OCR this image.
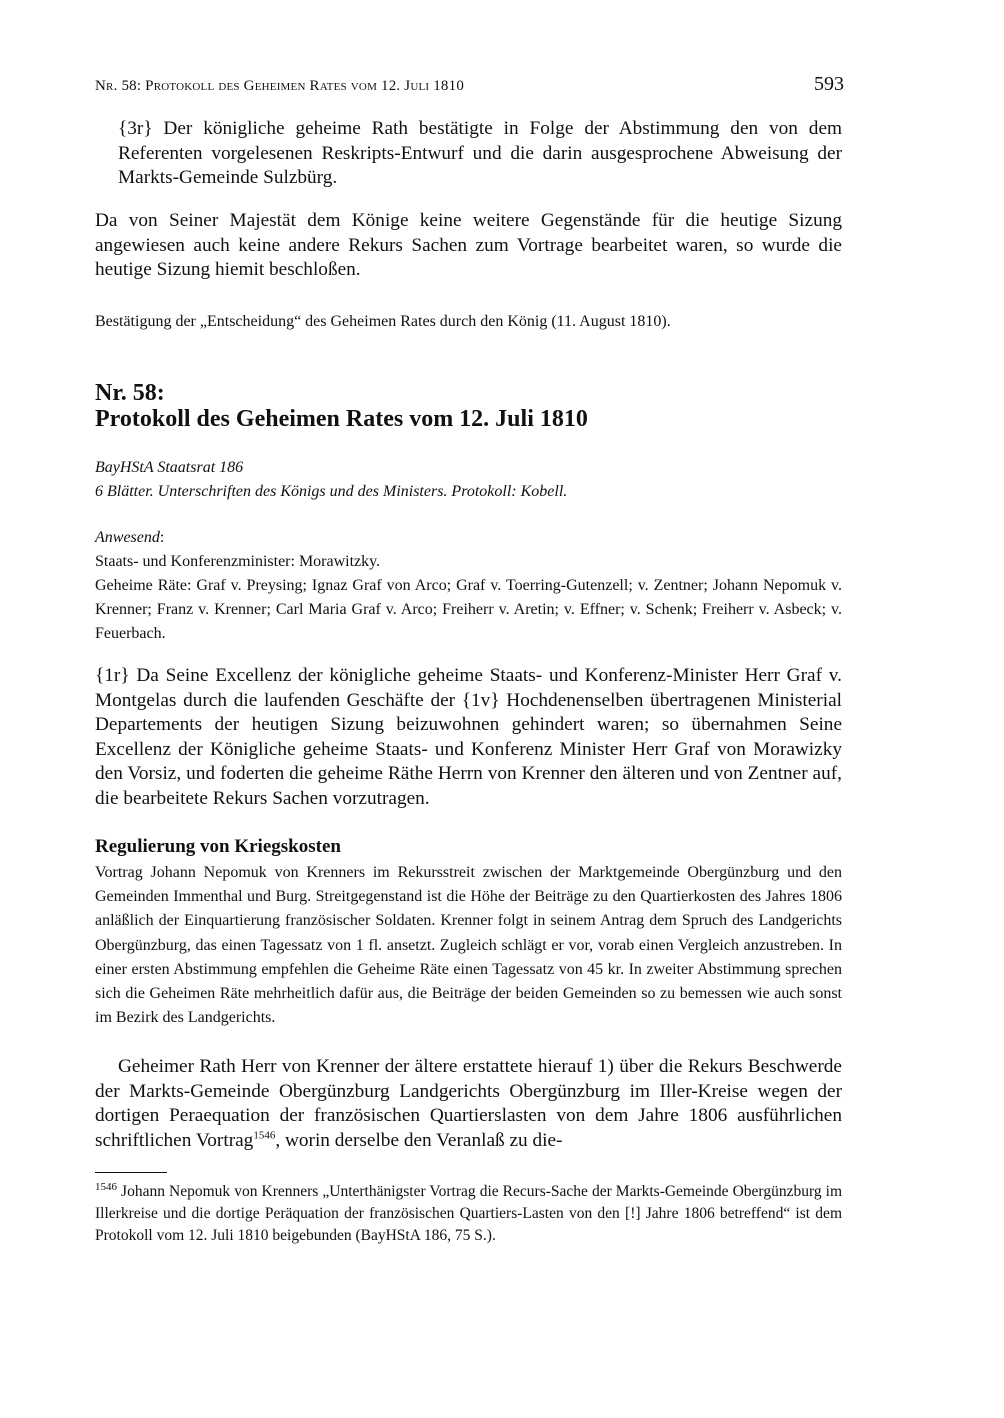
Nr. 58: Protokoll des Geheimen Rates vom 12. Juli 1810	593
{3r} Der königliche geheime Rath bestätigte in Folge der Abstimmung den von dem Referenten vorgelesenen Reskripts-Entwurf und die darin ausgesprochene Abweisung der Markts-Gemeinde Sulzbürg.
Da von Seiner Majestät dem Könige keine weitere Gegenstände für die heutige Sizung angewiesen auch keine andere Rekurs Sachen zum Vortrage bearbeitet waren, so wurde die heutige Sizung hiemit beschloßen.
Bestätigung der „Entscheidung“ des Geheimen Rates durch den König (11. August 1810).
Nr. 58:
Protokoll des Geheimen Rates vom 12. Juli 1810
BayHStA Staatsrat 186
6 Blätter. Unterschriften des Königs und des Ministers. Protokoll: Kobell.
Anwesend:
Staats- und Konferenzminister: Morawitzky.
Geheime Räte: Graf v. Preysing; Ignaz Graf von Arco; Graf v. Toerring-Gutenzell; v. Zentner; Johann Nepomuk v. Krenner; Franz v. Krenner; Carl Maria Graf v. Arco; Freiherr v. Aretin; v. Effner; v. Schenk; Freiherr v. Asbeck; v. Feuerbach.
{1r} Da Seine Excellenz der königliche geheime Staats- und Konferenz-Minister Herr Graf v. Montgelas durch die laufenden Geschäfte der {1v} Hochdenenselben übertragenen Ministerial Departements der heutigen Sizung beizuwohnen gehindert waren; so übernahmen Seine Excellenz der Königliche geheime Staats- und Konferenz Minister Herr Graf von Morawizky den Vorsiz, und foderten die geheime Räthe Herrn von Krenner den älteren und von Zentner auf, die bearbeitete Rekurs Sachen vorzutragen.
Regulierung von Kriegskosten
Vortrag Johann Nepomuk von Krenners im Rekursstreit zwischen der Marktgemeinde Obergünzburg und den Gemeinden Immenthal und Burg. Streitgegenstand ist die Höhe der Beiträge zu den Quartierkosten des Jahres 1806 anläßlich der Einquartierung französischer Soldaten. Krenner folgt in seinem Antrag dem Spruch des Landgerichts Obergünzburg, das einen Tagessatz von 1 fl. ansetzt. Zugleich schlägt er vor, vorab einen Vergleich anzustreben. In einer ersten Abstimmung empfehlen die Geheime Räte einen Tagessatz von 45 kr. In zweiter Abstimmung sprechen sich die Geheimen Räte mehrheitlich dafür aus, die Beiträge der beiden Gemeinden so zu bemessen wie auch sonst im Bezirk des Landgerichts.
Geheimer Rath Herr von Krenner der ältere erstattete hierauf 1) über die Rekurs Beschwerde der Markts-Gemeinde Obergünzburg Landgerichts Obergünzburg im Iller-Kreise wegen der dortigen Peraequation der französischen Quartierslasten von dem Jahre 1806 ausführlichen schriftlichen Vortrag$^{1546}$, worin derselbe den Veranlaß zu die-
$^{1546}$ Johann Nepomuk von Krenners „Unterthänigster Vortrag die Recurs-Sache der Markts-Gemeinde Obergünzburg im Illerkreise und die dortige Peräquation der französischen Quartiers-Lasten von den [!] Jahre 1806 betreffend“ ist dem Protokoll vom 12. Juli 1810 beigebunden (BayHStA 186, 75 S.).
